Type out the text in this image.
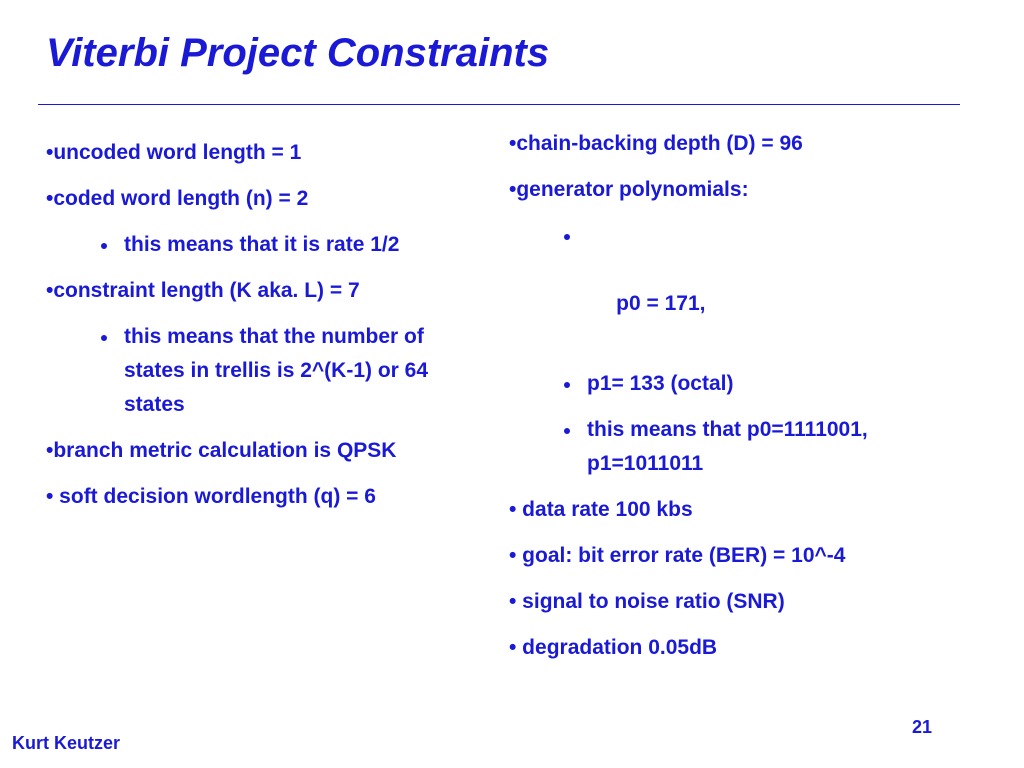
Viterbi Project Constraints
•uncoded word length = 1
•coded word length (n) = 2
this means that it is rate 1/2
•constraint length (K aka. L) = 7
this means that the number of states in trellis is 2^(K-1) or 64 states
•branch metric calculation is QPSK
• soft decision wordlength (q) = 6
•chain-backing depth (D) = 96
•generator polynomials:

p0 = 171,

p1= 133 (octal)
this means that p0=1111001, p1=1011011
• data rate 100 kbs
• goal: bit error rate (BER) = 10^-4
• signal to noise ratio (SNR)
• degradation 0.05dB
21
Kurt Keutzer
